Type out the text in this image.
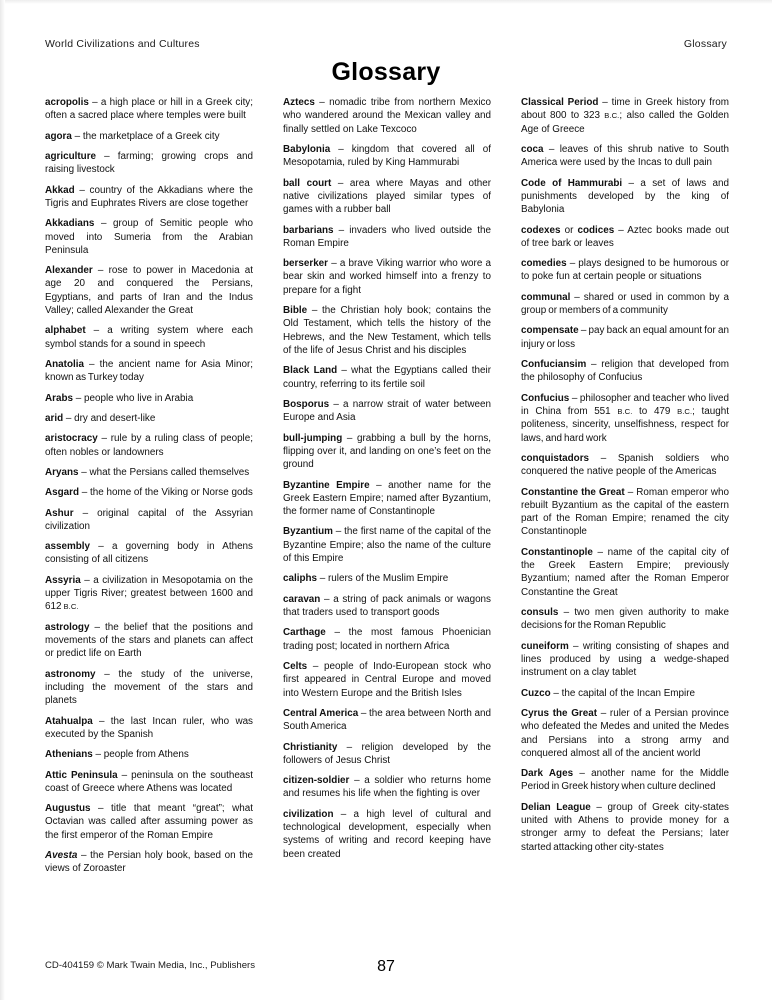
World Civilizations and Cultures	Glossary
Glossary

acropolis – a high place or hill in a Greek city; often a sacred place where temples were built

agora – the marketplace of a Greek city

agriculture – farming; growing crops and raising livestock

Akkad – country of the Akkadians where the Tigris and Euphrates Rivers are close together

Akkadians – group of Semitic people who moved into Sumeria from the Arabian Peninsula

Alexander – rose to power in Macedonia at age 20 and conquered the Persians, Egyptians, and parts of Iran and the Indus Valley; called Alexander the Great

alphabet – a writing system where each symbol stands for a sound in speech

Anatolia – the ancient name for Asia Minor; known as Turkey today

Arabs – people who live in Arabia

arid – dry and desert-like

aristocracy – rule by a ruling class of people; often nobles or landowners

Aryans – what the Persians called themselves

Asgard – the home of the Viking or Norse gods

Ashur – original capital of the Assyrian civilization

assembly – a governing body in Athens consisting of all citizens

Assyria – a civilization in Mesopotamia on the upper Tigris River; greatest between 1600 and 612 B.C.

astrology – the belief that the positions and movements of the stars and planets can affect or predict life on Earth

astronomy – the study of the universe, including the movement of the stars and planets

Atahualpa – the last Incan ruler, who was executed by the Spanish

Athenians – people from Athens

Attic Peninsula – peninsula on the southeast coast of Greece where Athens was located

Augustus – title that meant “great”; what Octavian was called after assuming power as the first emperor of the Roman Empire

Avesta – the Persian holy book, based on the views of Zoroaster

Aztecs – nomadic tribe from northern Mexico who wandered around the Mexican valley and finally settled on Lake Texcoco

Babylonia – kingdom that covered all of Mesopotamia, ruled by King Hammurabi

ball court – area where Mayas and other native civilizations played similar types of games with a rubber ball

barbarians – invaders who lived outside the Roman Empire

berserker – a brave Viking warrior who wore a bear skin and worked himself into a frenzy to prepare for a fight

Bible – the Christian holy book; contains the Old Testament, which tells the history of the Hebrews, and the New Testament, which tells of the life of Jesus Christ and his disciples

Black Land – what the Egyptians called their country, referring to its fertile soil

Bosporus – a narrow strait of water between Europe and Asia

bull-jumping – grabbing a bull by the horns, flipping over it, and landing on one’s feet on the ground

Byzantine Empire – another name for the Greek Eastern Empire; named after Byzantium, the former name of Constantinople

Byzantium – the first name of the capital of the Byzantine Empire; also the name of the culture of this Empire

caliphs – rulers of the Muslim Empire

caravan – a string of pack animals or wagons that traders used to transport goods

Carthage – the most famous Phoenician trading post; located in northern Africa

Celts – people of Indo-European stock who first appeared in Central Europe and moved into Western Europe and the British Isles

Central America – the area between North and South America

Christianity – religion developed by the followers of Jesus Christ

citizen-soldier – a soldier who returns home and resumes his life when the fighting is over

civilization – a high level of cultural and technological development, especially when systems of writing and record keeping have been created

Classical Period – time in Greek history from about 800 to 323 B.C.; also called the Golden Age of Greece

coca – leaves of this shrub native to South America were used by the Incas to dull pain

Code of Hammurabi – a set of laws and punishments developed by the king of Babylonia

codexes or codices – Aztec books made out of tree bark or leaves

comedies – plays designed to be humorous or to poke fun at certain people or situations

communal – shared or used in common by a group or members of a community

compensate – pay back an equal amount for an injury or loss

Confuciansim – religion that developed from the philosophy of Confucius

Confucius – philosopher and teacher who lived in China from 551 B.C. to 479 B.C.; taught politeness, sincerity, unselfishness, respect for laws, and hard work

conquistadors – Spanish soldiers who conquered the native people of the Americas

Constantine the Great – Roman emperor who rebuilt Byzantium as the capital of the eastern part of the Roman Empire; renamed the city Constantinople

Constantinople – name of the capital city of the Greek Eastern Empire; previously Byzantium; named after the Roman Emperor Constantine the Great

consuls – two men given authority to make decisions for the Roman Republic

cuneiform – writing consisting of shapes and lines produced by using a wedge-shaped instrument on a clay tablet

Cuzco – the capital of the Incan Empire

Cyrus the Great – ruler of a Persian province who defeated the Medes and united the Medes and Persians into a strong army and conquered almost all of the ancient world

Dark Ages – another name for the Middle Period in Greek history when culture declined

Delian League – group of Greek city-states united with Athens to provide money for a stronger army to defeat the Persians; later started attacking other city-states

CD-404159 © Mark Twain Media, Inc., Publishers	87
